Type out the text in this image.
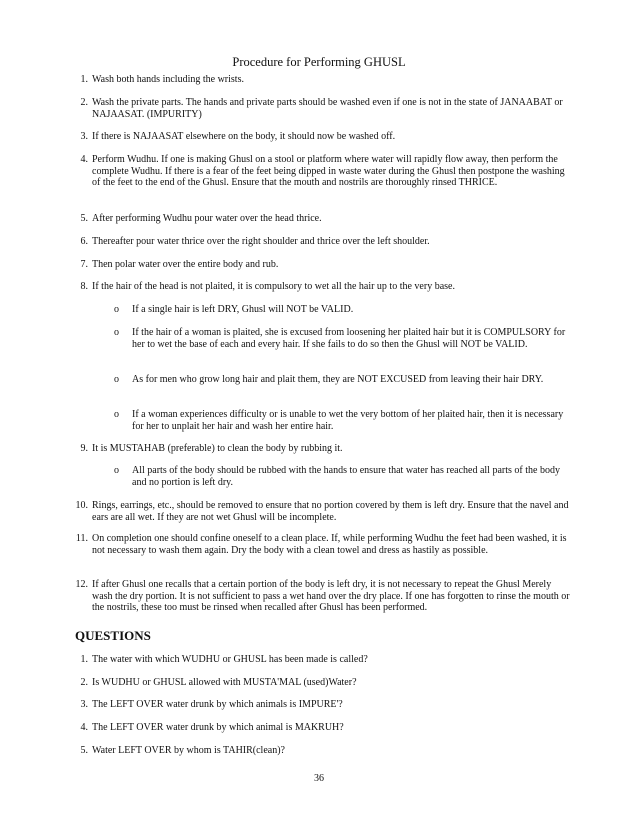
Procedure for Performing GHUSL
1. Wash both hands including the wrists.
2. Wash the private parts. The hands and private parts should be washed even if one is not in the state of JANAABAT or NAJAASAT. (IMPURITY)
3. If there is NAJAASAT elsewhere on the body, it should now be washed off.
4. Perform Wudhu. If one is making Ghusl on a stool or platform where water will rapidly flow away, then perform the complete Wudhu. If there is a fear of the feet being dipped in waste water during the Ghusl then postpone the washing of the feet to the end of the Ghusl. Ensure that the mouth and nostrils are thoroughly rinsed THRICE.
5. After performing Wudhu pour water over the head thrice.
6. Thereafter pour water thrice over the right shoulder and thrice over the left shoulder.
7. Then polar water over the entire body and rub.
8. If the hair of the head is not plaited, it is compulsory to wet all the hair up to the very base.
o If a single hair is left DRY, Ghusl will NOT be VALID.
o If the hair of a woman is plaited, she is excused from loosening her plaited hair but it is COMPULSORY for her to wet the base of each and every hair. If she fails to do so then the Ghusl will NOT be VALID.
o As for men who grow long hair and plait them, they are NOT EXCUSED from leaving their hair DRY.
o If a woman experiences difficulty or is unable to wet the very bottom of her plaited hair, then it is necessary for her to unplait her hair and wash her entire hair.
9. It is MUSTAHAB (preferable) to clean the body by rubbing it.
o All parts of the body should be rubbed with the hands to ensure that water has reached all parts of the body and no portion is left dry.
10. Rings, earrings, etc., should be removed to ensure that no portion covered by them is left dry. Ensure that the navel and ears are all wet. If they are not wet Ghusl will be incomplete.
11. On completion one should confine oneself to a clean place. If, while performing Wudhu the feet had been washed, it is not necessary to wash them again. Dry the body with a clean towel and dress as hastily as possible.
12. If after Ghusl one recalls that a certain portion of the body is left dry, it is not necessary to repeat the Ghusl Merely wash the dry portion. It is not sufficient to pass a wet hand over the dry place. If one has forgotten to rinse the mouth or the nostrils, these too must be rinsed when recalled after Ghusl has been performed.
QUESTIONS
1. The water with which WUDHU or GHUSL has been made is called?
2. Is WUDHU or GHUSL allowed with MUSTA'MAL (used)Water?
3. The LEFT OVER water drunk by which animals is IMPURE'?
4. The LEFT OVER water drunk by which animal is MAKRUH?
5. Water LEFT OVER by whom is TAHIR(clean)?
36
